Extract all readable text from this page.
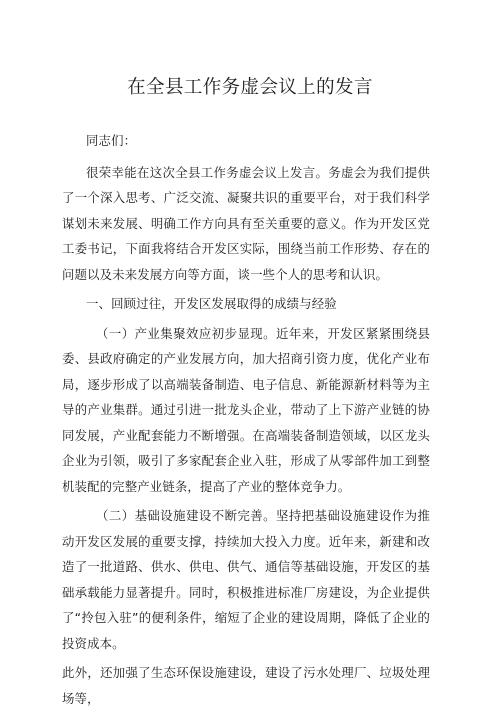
在全县工作务虚会议上的发言

同志们：

很荣幸能在这次全县工作务虚会议上发言。务虚会为我们提供了一个深入思考、广泛交流、凝聚共识的重要平台，对于我们科学谋划未来发展、明确工作方向具有至关重要的意义。作为开发区党工委书记，下面我将结合开发区实际，围绕当前工作形势、存在的问题以及未来发展方向等方面，谈一些个人的思考和认识。

一、回顾过往，开发区发展取得的成绩与经验

（一）产业集聚效应初步显现。近年来，开发区紧紧围绕县委、县政府确定的产业发展方向，加大招商引资力度，优化产业布局，逐步形成了以高端装备制造、电子信息、新能源新材料等为主导的产业集群。通过引进一批龙头企业，带动了上下游产业链的协同发展，产业配套能力不断增强。在高端装备制造领域，以区龙头企业为引领，吸引了多家配套企业入驻，形成了从零部件加工到整机装配的完整产业链条，提高了产业的整体竞争力。

（二）基础设施建设不断完善。坚持把基础设施建设作为推动开发区发展的重要支撑，持续加大投入力度。近年来，新建和改造了一批道路、供水、供电、供气、通信等基础设施，开发区的基础承载能力显著提升。同时，积极推进标准厂房建设，为企业提供了“拎包入驻”的便利条件，缩短了企业的建设周期，降低了企业的投资成本。

此外，还加强了生态环保设施建设，建设了污水处理厂、垃圾处理场等，
